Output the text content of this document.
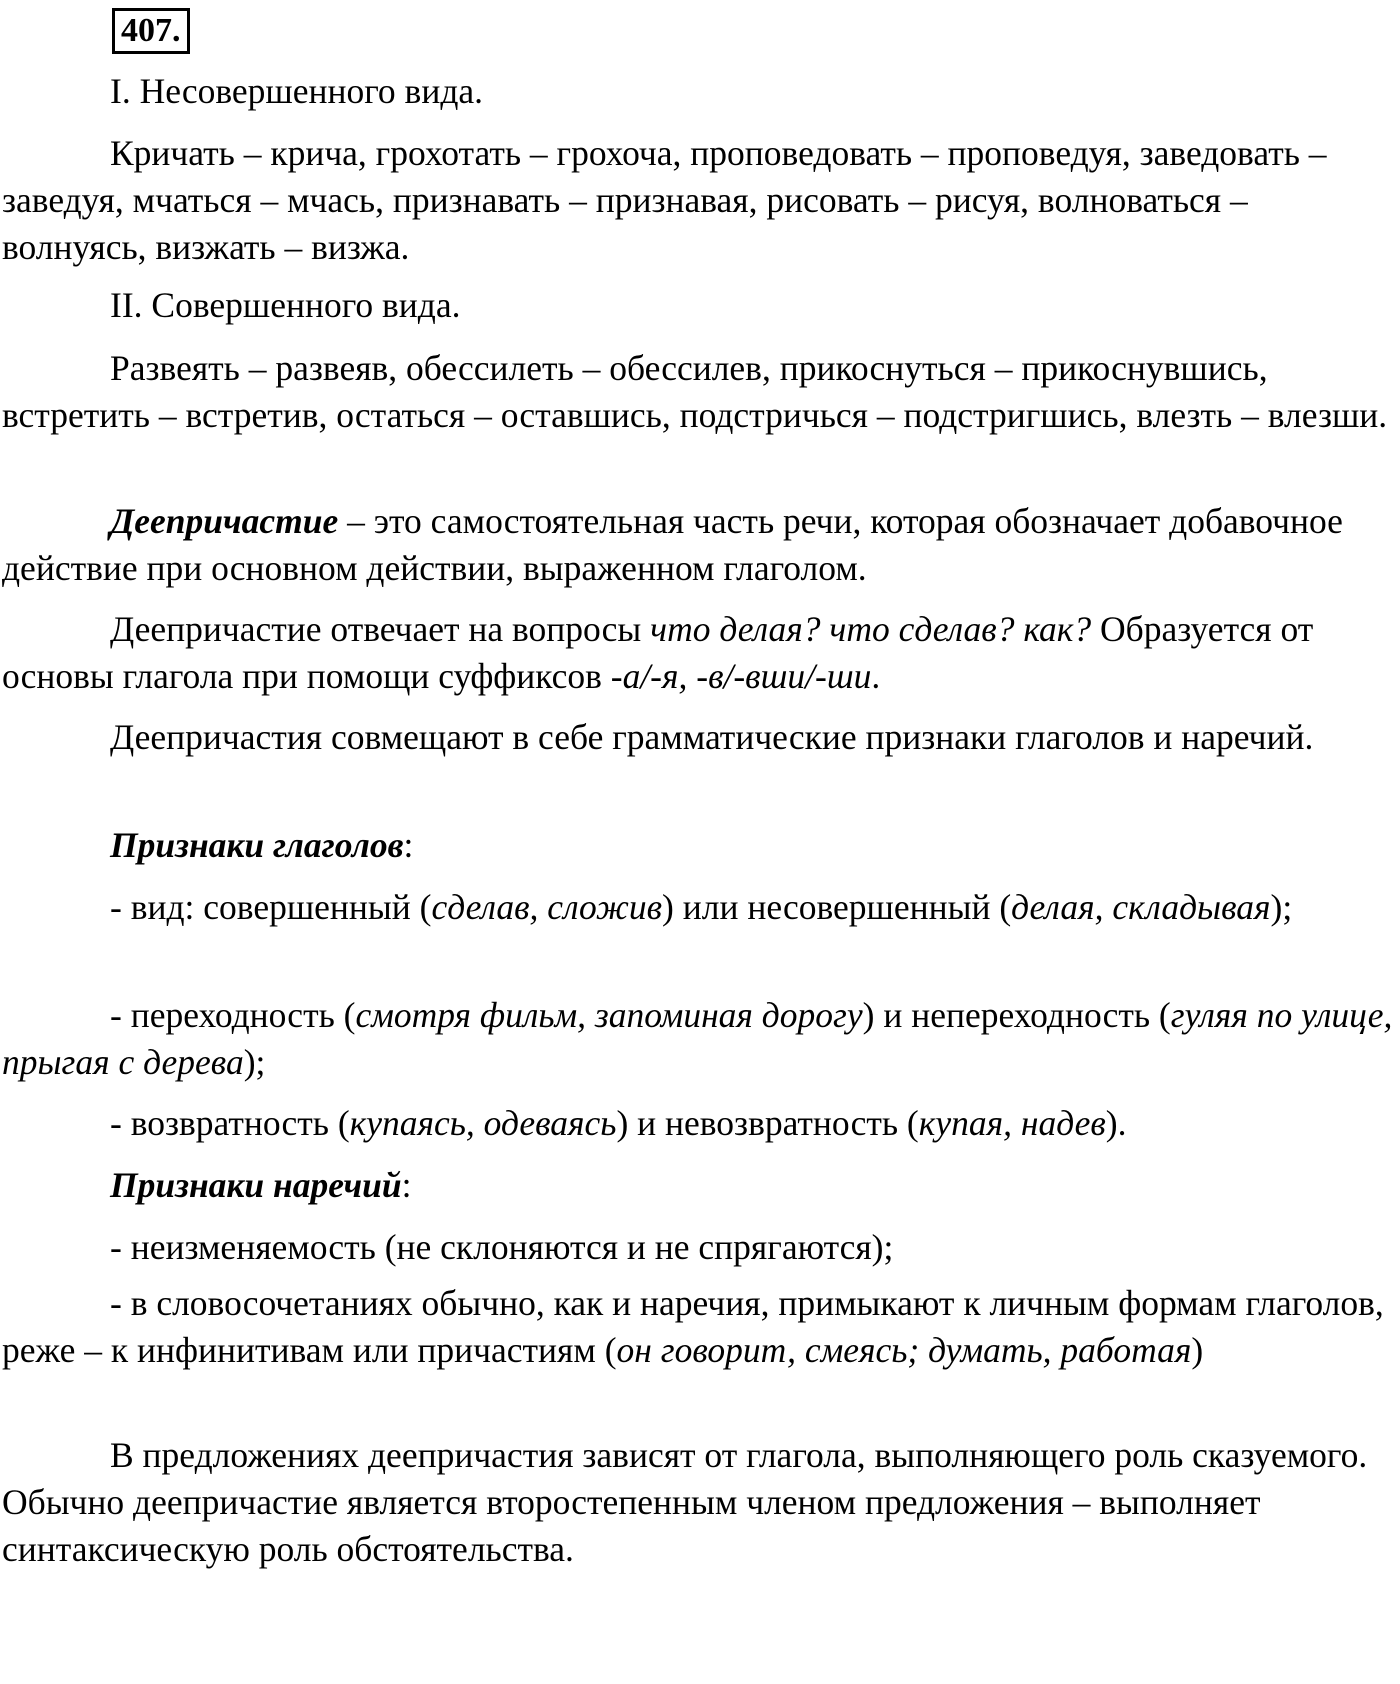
407.

I. Несовершенного вида.

Кричать – крича, грохотать – грохоча, проповедовать – проповедуя, заведовать – заведуя, мчаться – мчась, признавать – признавая, рисовать – рисуя, волноваться – волнуясь, визжать – визжа.

II. Совершенного вида.

Развеять – развеяв, обессилеть – обессилев, прикоснуться – прикоснувшись, встретить – встретив, остаться – оставшись, подстричься – подстригшись, влезть – влезши.

Деепричастие – это самостоятельная часть речи, которая обозначает добавочное действие при основном действии, выраженном глаголом.

Деепричастие отвечает на вопросы что делая? что сделав? как? Образуется от основы глагола при помощи суффиксов -а/-я, -в/-вши/-ши.

Деепричастия совмещают в себе грамматические признаки глаголов и наречий.

Признаки глаголов:

- вид: совершенный (сделав, сложив) или несовершенный (делая, складывая);

- переходность (смотря фильм, запоминая дорогу) и непереходность (гуляя по улице, прыгая с дерева);

- возвратность (купаясь, одеваясь) и невозвратность (купая, надев).

Признаки наречий:

- неизменяемость (не склоняются и не спрягаются);

- в словосочетаниях обычно, как и наречия, примыкают к личным формам глаголов, реже – к инфинитивам или причастиям (он говорит, смеясь; думать, работая)

В предложениях деепричастия зависят от глагола, выполняющего роль сказуемого. Обычно деепричастие является второстепенным членом предложения – выполняет синтаксическую роль обстоятельства.
